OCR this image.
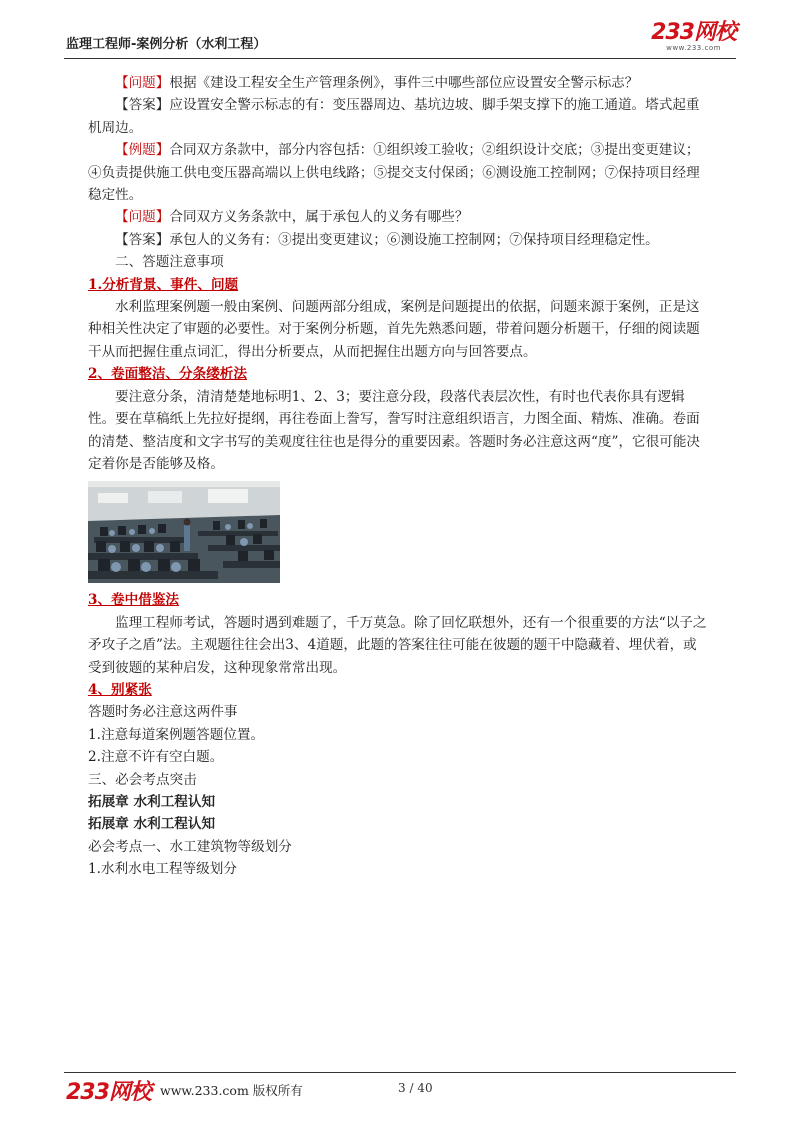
监理工程师-案例分析（水利工程）	233网校
www.233.com

【问题】根据《建设工程安全生产管理条例》，事件三中哪些部位应设置安全警示标志？

【答案】应设置安全警示标志的有：变压器周边、基坑边坡、脚手架支撑下的施工通道。塔式起重机周边。

【例题】合同双方条款中，部分内容包括：①组织竣工验收；②组织设计交底；③提出变更建议；④负责提供施工供电变压器高端以上供电线路；⑤提交支付保函；⑥测设施工控制网；⑦保持项目经理稳定性。

【问题】合同双方义务条款中，属于承包人的义务有哪些？

【答案】承包人的义务有：③提出变更建议；⑥测设施工控制网；⑦保持项目经理稳定性。

二、答题注意事项

1.分析背景、事件、问题

水利监理案例题一般由案例、问题两部分组成，案例是问题提出的依据，问题来源于案例，正是这种相关性决定了审题的必要性。对于案例分析题，首先先熟悉问题，带着问题分析题干，仔细的阅读题干从而把握住重点词汇，得出分析要点，从而把握住出题方向与回答要点。

2、卷面整洁、分条缕析法

要注意分条，清清楚楚地标明1、2、3；要注意分段，段落代表层次性，有时也代表你具有逻辑性。要在草稿纸上先拉好提纲，再往卷面上誊写，誊写时注意组织语言，力图全面、精炼、准确。卷面的清楚、整洁度和文字书写的美观度往往也是得分的重要因素。答题时务必注意这两“度”，它很可能决定着你是否能够及格。

3、卷中借鉴法

监理工程师考试，答题时遇到难题了，千万莫急。除了回忆联想外，还有一个很重要的方法“以子之矛攻子之盾”法。主观题往往会出3、4道题，此题的答案往往可能在彼题的题干中隐藏着、埋伏着，或受到彼题的某种启发，这种现象常常出现。

4、别紧张

答题时务必注意这两件事

1.注意每道案例题答题位置。

2.注意不许有空白题。

三、必会考点突击

拓展章 水利工程认知

拓展章 水利工程认知

必会考点一、水工建筑物等级划分

1.水利水电工程等级划分

233网校 www.233.com 版权所有	3 / 40
